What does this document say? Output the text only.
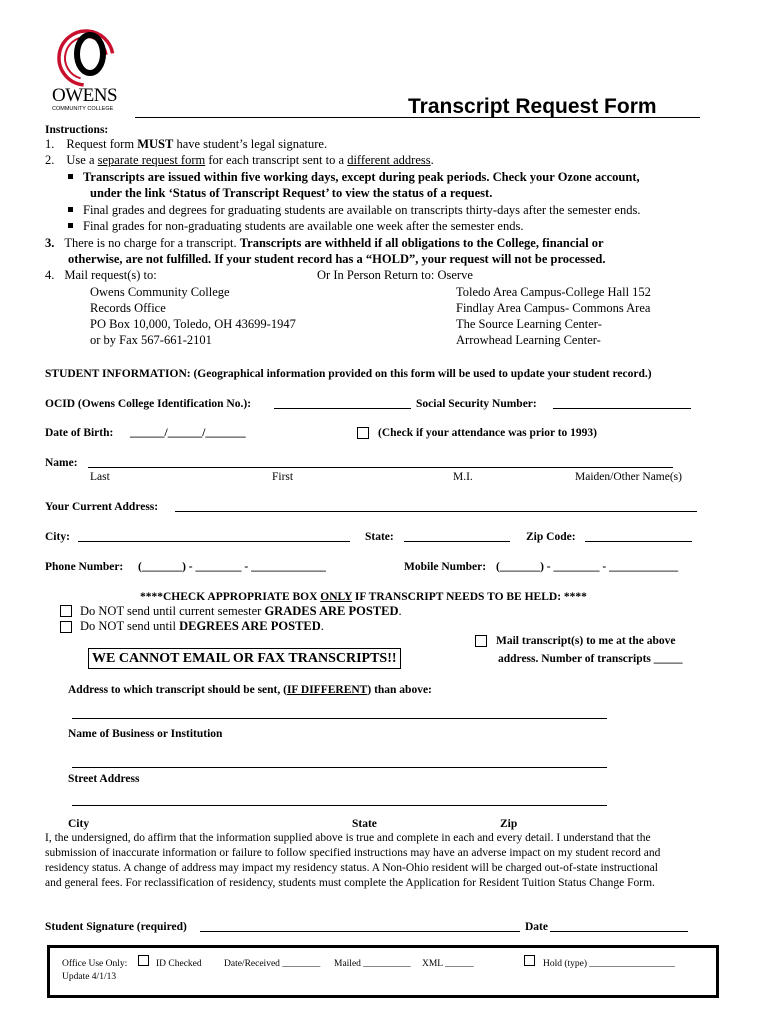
OWENS
COMMUNITY COLLEGE	Transcript Request Form
Instructions:
1. Request form MUST have student’s legal signature.
2. Use a separate request form for each transcript sent to a different address.
Transcripts are issued within five working days, except during peak periods. Check your Ozone account,
under the link ‘Status of Transcript Request’ to view the status of a request.
Final grades and degrees for graduating students are available on transcripts thirty-days after the semester ends.
Final grades for non-graduating students are available one week after the semester ends.
3. There is no charge for a transcript. Transcripts are withheld if all obligations to the College, financial or
otherwise, are not fulfilled. If your student record has a “HOLD”, your request will not be processed.
4. Mail request(s) to:	Or In Person Return to: Oserve
Owens Community College
Records Office
PO Box 10,000, Toledo, OH 43699-1947
or by Fax 567-661-2101
Toledo Area Campus-College Hall 152
Findlay Area Campus- Commons Area
The Source Learning Center-
Arrowhead Learning Center-
STUDENT INFORMATION: (Geographical information provided on this form will be used to update your student record.)
OCID (Owens College Identification No.):	Social Security Number:
Date of Birth: ______/______/_______	(Check if your attendance was prior to 1993)
Name:
Last	First	M.I.	Maiden/Other Name(s)
Your Current Address:
City:	State:	Zip Code:
Phone Number: (_______) - ________ - _____________	Mobile Number: (_______) - ________ - ____________
****CHECK APPROPRIATE BOX ONLY IF TRANSCRIPT NEEDS TO BE HELD: ****
Do NOT send until current semester GRADES ARE POSTED.
Do NOT send until DEGREES ARE POSTED.
WE CANNOT EMAIL OR FAX TRANSCRIPTS!!
Mail transcript(s) to me at the above
address. Number of transcripts _____
Address to which transcript should be sent, (IF DIFFERENT) than above:
Name of Business or Institution
Street Address
City	State	Zip
I, the undersigned, do affirm that the information supplied above is true and complete in each and every detail. I understand that the
submission of inaccurate information or failure to follow specified instructions may have an adverse impact on my student record and
residency status. A change of address may impact my residency status. A Non-Ohio resident will be charged out-of-state instructional
and general fees. For reclassification of residency, students must complete the Application for Resident Tuition Status Change Form.
Student Signature (required)	Date
Office Use Only:	ID Checked Date/Received ________ Mailed __________ XML ______	Hold (type) __________________
Update 4/1/13
